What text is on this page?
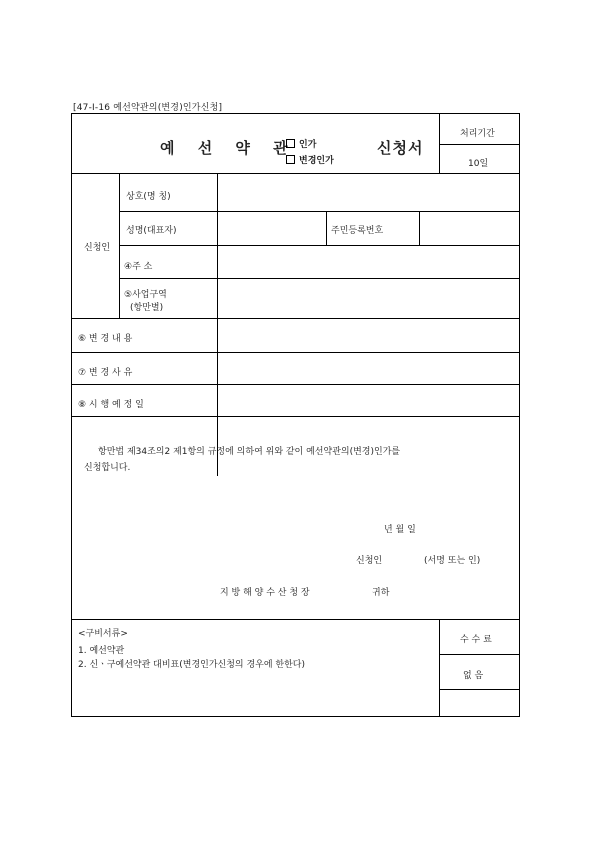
[47-Ⅰ-16 예선약관의(변경)인가신청]
예 선 약 관 인가
변경인가
신청서
처리기간
10일
신청인
상호(명 칭)
성명(대표자)	주민등록번호
④주 소
⑤사업구역
(항만별)
⑥ 변 경 내 용
⑦ 변 경 사 유
⑧ 시 행 예 정 일
항만법 제34조의2 제1항의 규정에 의하여 위와 같이 예선약관의(변경)인가를
신청합니다.
년 월 일
신청인	(서명 또는 인)
지 방 해 양 수 산 청 장	귀하
<구비서류>
1. 예선약관
2. 신ㆍ구예선약관 대비표(변경인가신청의 경우에 한한다)
수 수 료
없 음
